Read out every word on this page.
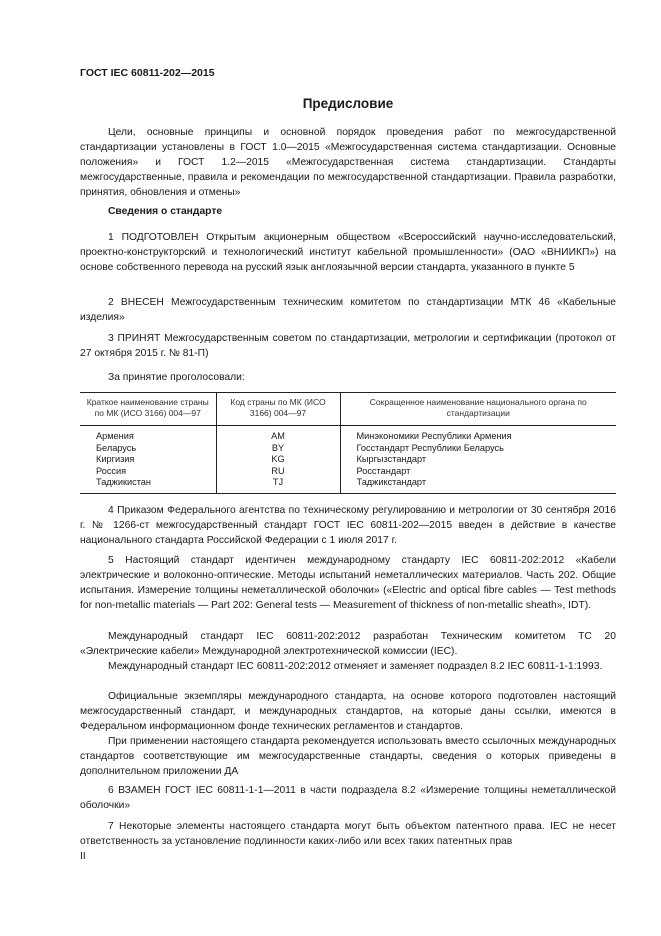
ГОСТ IEC 60811-202—2015
Предисловие

Цели, основные принципы и основной порядок проведения работ по межгосударственной стандартизации установлены в ГОСТ 1.0—2015 «Межгосударственная система стандартизации. Основные положения» и ГОСТ 1.2—2015 «Межгосударственная система стандартизации. Стандарты межгосударственные, правила и рекомендации по межгосударственной стандартизации. Правила разработки, принятия, обновления и отмены»

Сведения о стандарте

1 ПОДГОТОВЛЕН Открытым акционерным обществом «Всероссийский научно-исследовательский, проектно-конструкторский и технологический институт кабельной промышленности» (ОАО «ВНИИКП») на основе собственного перевода на русский язык англоязычной версии стандарта, указанного в пункте 5

2 ВНЕСЕН Межгосударственным техническим комитетом по стандартизации МТК 46 «Кабельные изделия»

3 ПРИНЯТ Межгосударственным советом по стандартизации, метрологии и сертификации (протокол от 27 октября 2015 г. № 81-П)

За принятие проголосовали:
Краткое наименование страны по МК (ИСО 3166) 004—97	Код страны по МК (ИСО 3166) 004—97	Сокращенное наименование национального органа по стандартизации
Армения	AM	Минэкономики Республики Армения
Беларусь	BY	Госстандарт Республики Беларусь
Киргизия	KG	Кыргызстандарт
Россия	RU	Росстандарт
Таджикистан	TJ	Таджикстандарт

4 Приказом Федерального агентства по техническому регулированию и метрологии от 30 сентября 2016 г. № 1266-ст межгосударственный стандарт ГОСТ IEC 60811-202—2015 введен в действие в качестве национального стандарта Российской Федерации с 1 июля 2017 г.

5 Настоящий стандарт идентичен международному стандарту IEC 60811-202:2012 «Кабели электрические и волоконно-оптические. Методы испытаний неметаллических материалов. Часть 202. Общие испытания. Измерение толщины неметаллической оболочки» («Electric and optical fibre cables — Test methods for non-metallic materials — Part 202: General tests — Measurement of thickness of non-metallic sheath», IDT).

Международный стандарт IEC 60811-202:2012 разработан Техническим комитетом ТС 20 «Электрические кабели» Международной электротехнической комиссии (IEC).

Международный стандарт IEC 60811-202:2012 отменяет и заменяет подраздел 8.2 IEC 60811-1-1:1993.

Официальные экземпляры международного стандарта, на основе которого подготовлен настоящий межгосударственный стандарт, и международных стандартов, на которые даны ссылки, имеются в Федеральном информационном фонде технических регламентов и стандартов.

При применении настоящего стандарта рекомендуется использовать вместо ссылочных международных стандартов соответствующие им межгосударственные стандарты, сведения о которых приведены в дополнительном приложении ДА

6 ВЗАМЕН ГОСТ IEC 60811-1-1—2011 в части подраздела 8.2 «Измерение толщины неметаллической оболочки»

7 Некоторые элементы настоящего стандарта могут быть объектом патентного права. IEC не несет ответственность за установление подлинности каких-либо или всех таких патентных прав

II
